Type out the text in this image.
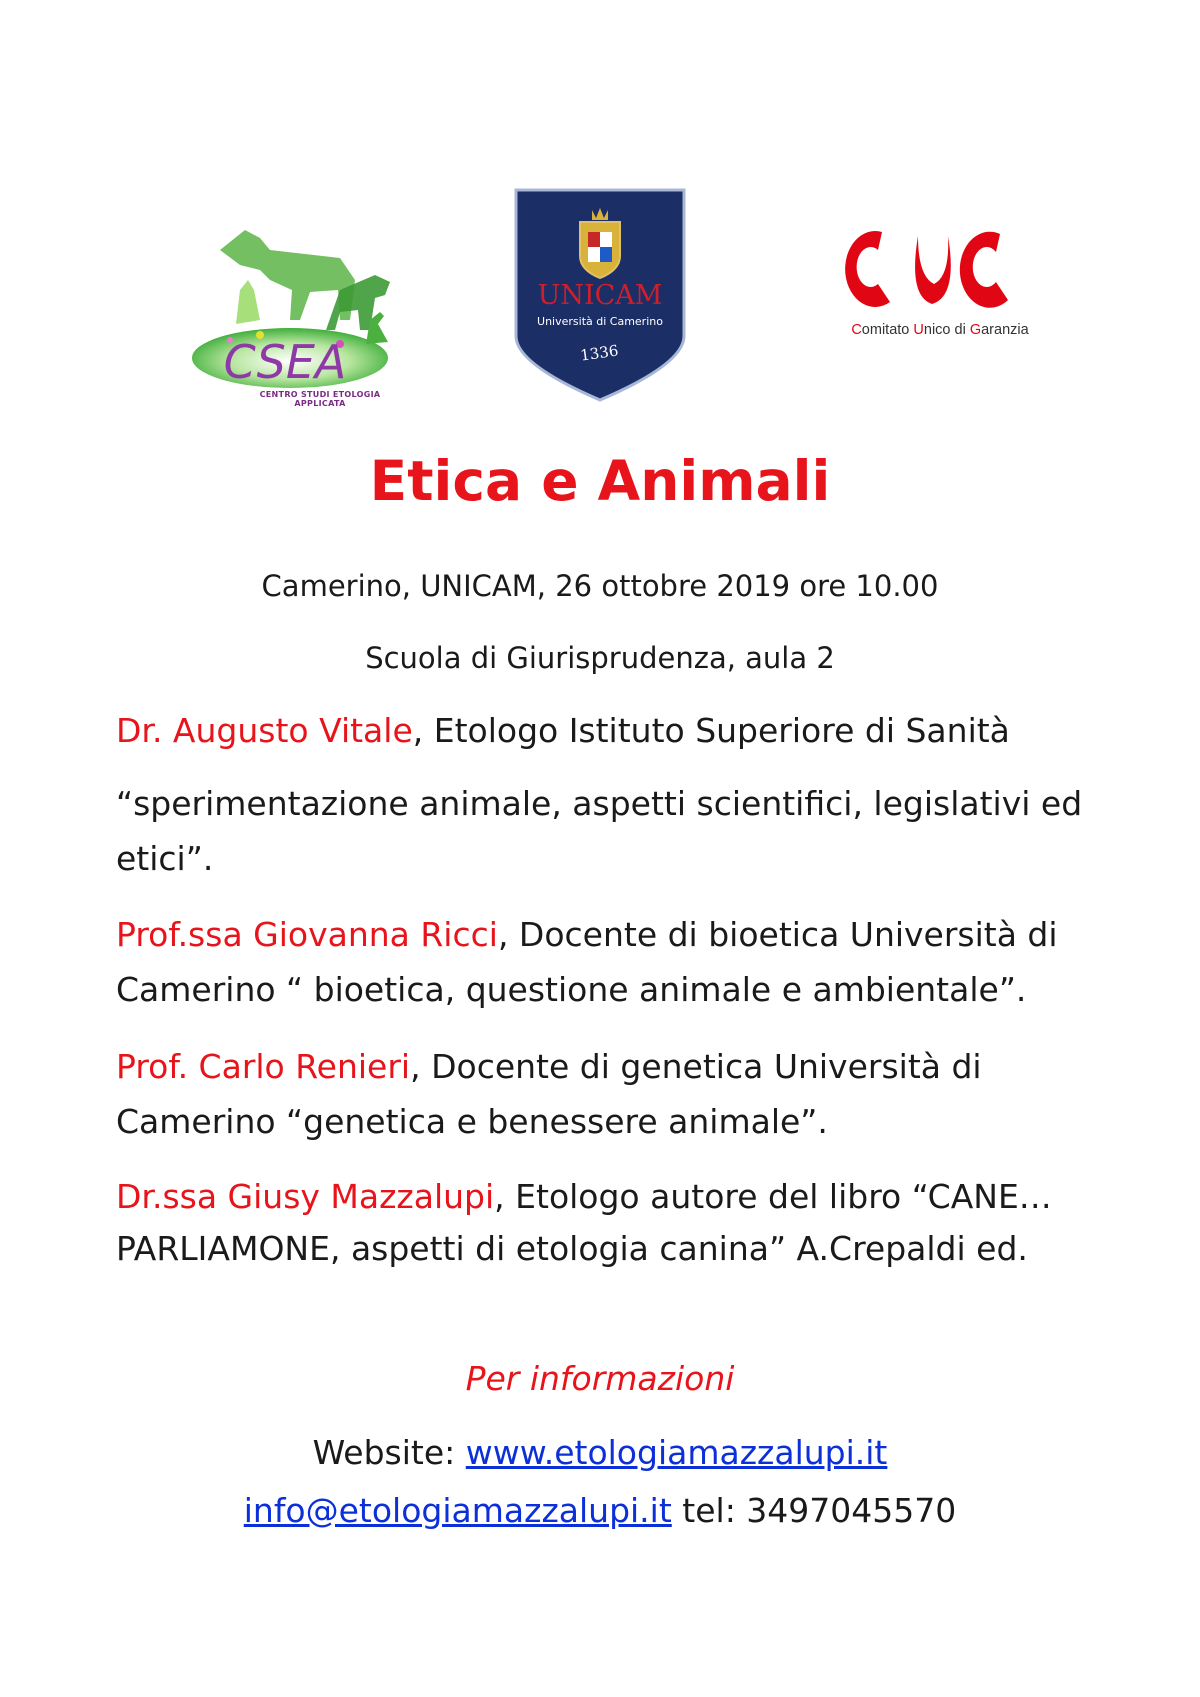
CSEA
CENTRO STUDI ETOLOGIA APPLICATA
UNICAM
Università di Camerino
1336
Comitato Unico di Garanzia
Etica e Animali
Camerino, UNICAM, 26 ottobre 2019 ore 10.00
Scuola di Giurisprudenza, aula 2
Dr. Augusto Vitale, Etologo Istituto Superiore di Sanità
“sperimentazione animale, aspetti scientifici, legislativi ed etici”.
Prof.ssa Giovanna Ricci, Docente di bioetica Università di Camerino “ bioetica, questione animale e ambientale”.
Prof. Carlo Renieri, Docente di genetica Università di Camerino “genetica e benessere animale”.
Dr.ssa Giusy Mazzalupi, Etologo autore del libro “CANE…PARLIAMONE, aspetti di etologia canina” A.Crepaldi ed.
Per informazioni
Website: www.etologiamazzalupi.it
info@etologiamazzalupi.it tel: 3497045570
